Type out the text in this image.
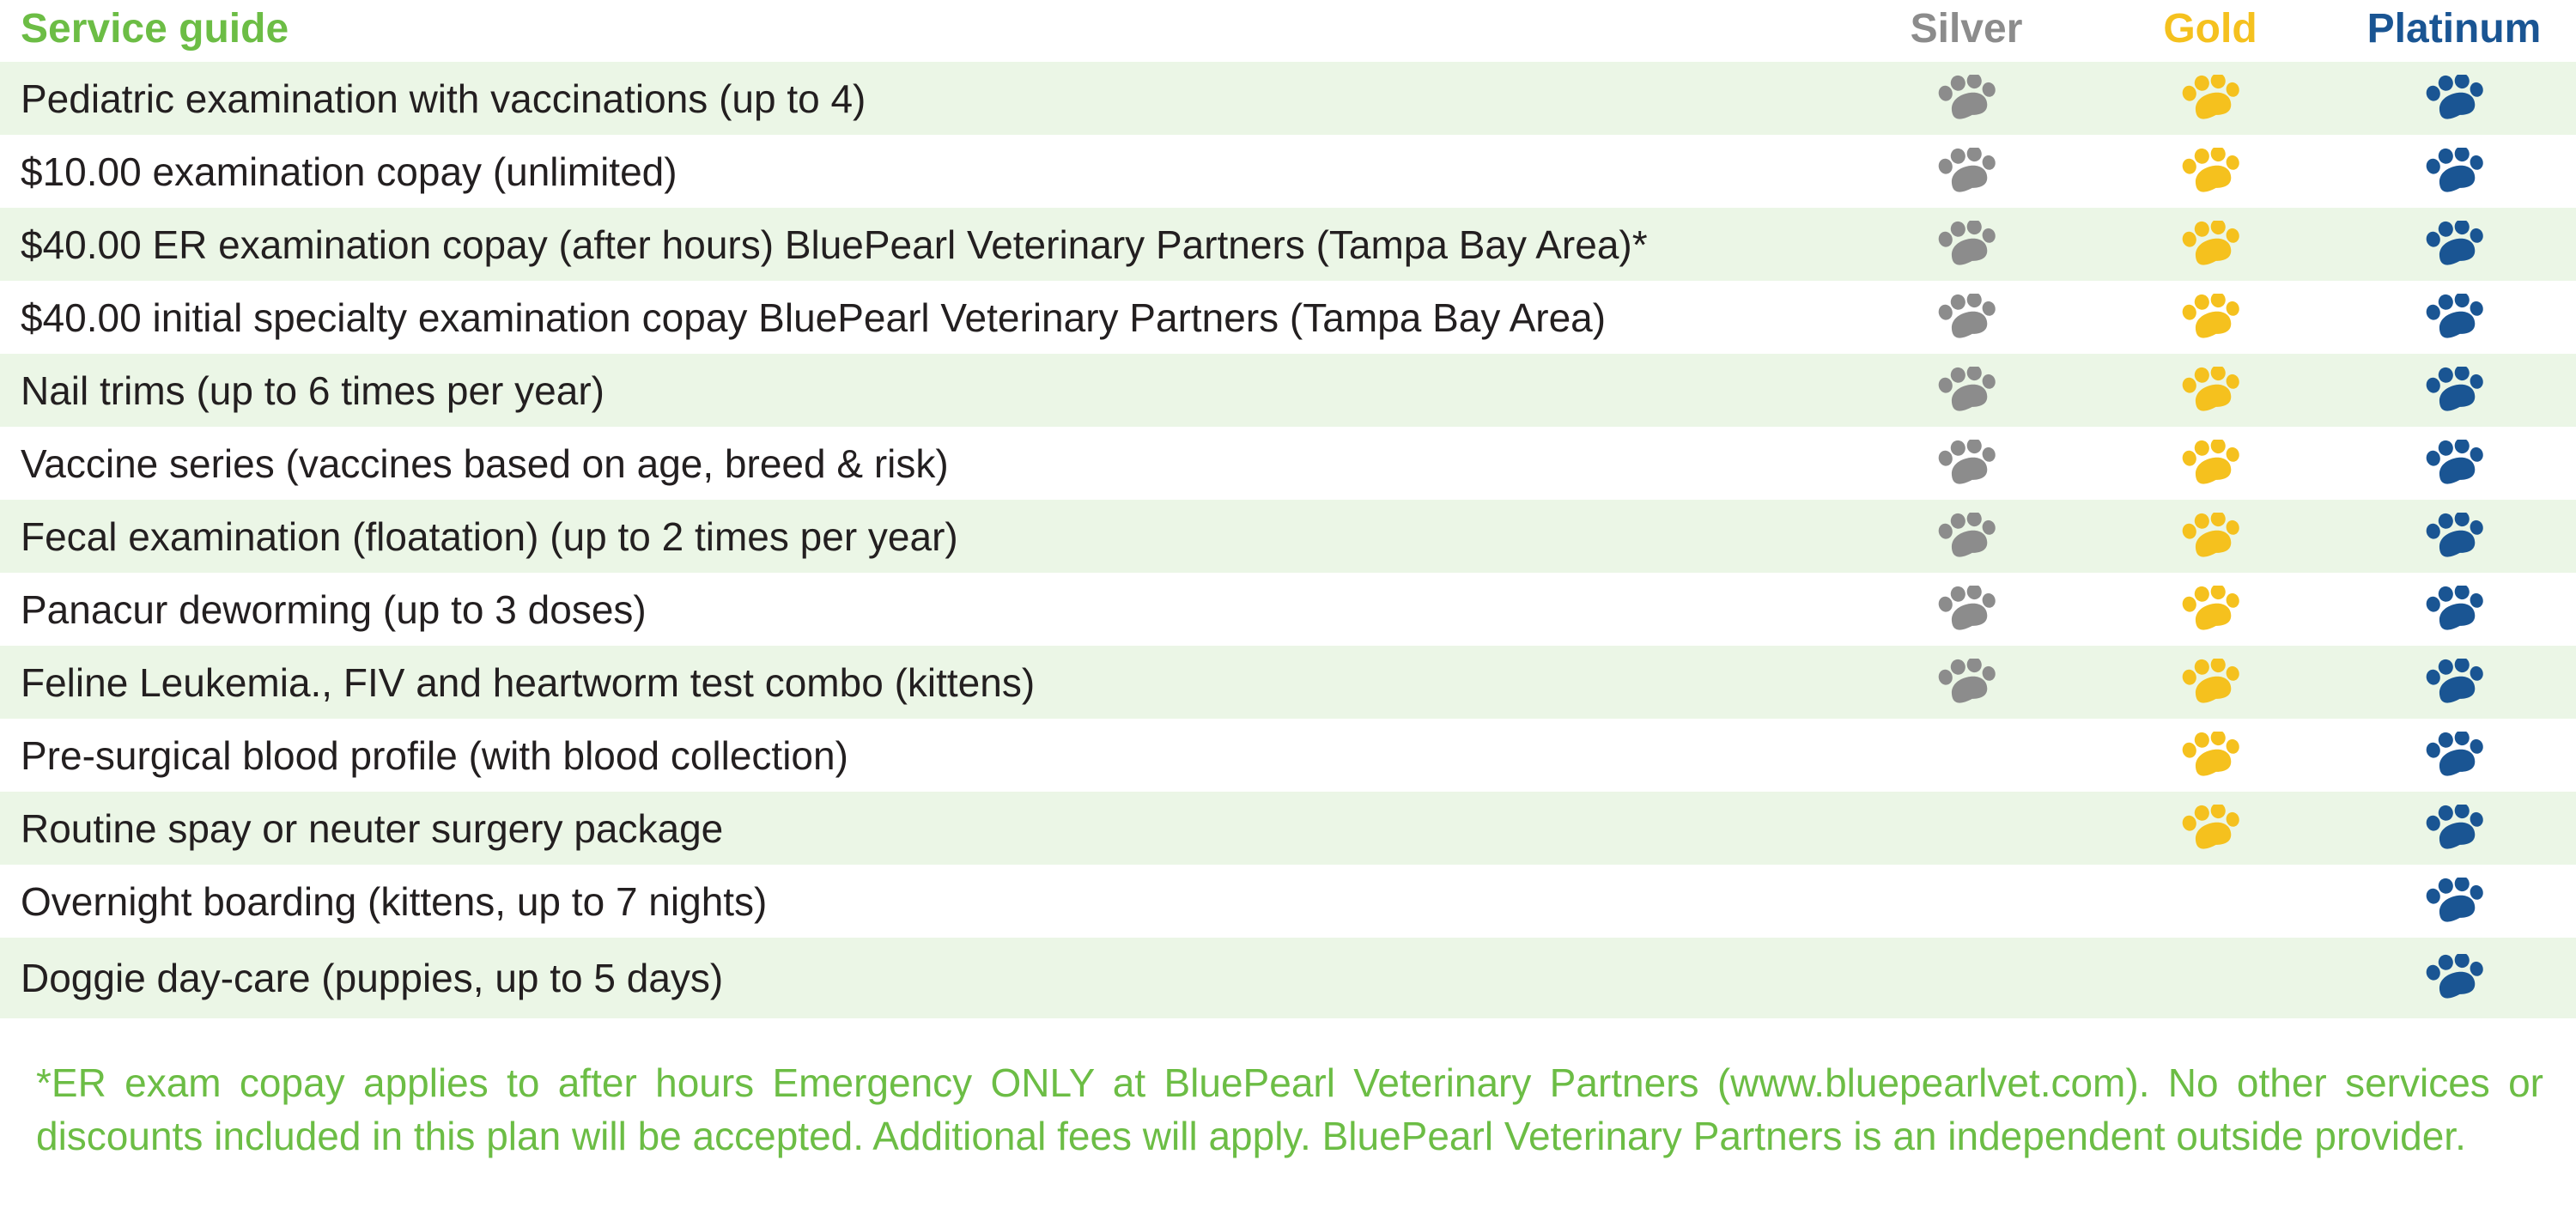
Service guide	Silver	Gold	Platinum
Pediatric examination with vaccinations (up to 4)
$10.00 examination copay (unlimited)
$40.00 ER examination copay (after hours) BluePearl Veterinary Partners (Tampa Bay Area)*
$40.00 initial specialty examination copay BluePearl Veterinary Partners (Tampa Bay Area)
Nail trims (up to 6 times per year)
Vaccine series (vaccines based on age, breed & risk)
Fecal examination (floatation) (up to 2 times per year)
Panacur deworming (up to 3 doses)
Feline Leukemia., FIV and heartworm test combo (kittens)
Pre-surgical blood profile (with blood collection)
Routine spay or neuter surgery package
Overnight boarding (kittens, up to 7 nights)
Doggie day-care (puppies, up to 5 days)
*ER exam copay applies to after hours Emergency ONLY at BluePearl Veterinary Partners (www.bluepearlvet.com). No other services or discounts included in this plan will be accepted. Additional fees will apply. BluePearl Veterinary Partners is an independent outside provider.
